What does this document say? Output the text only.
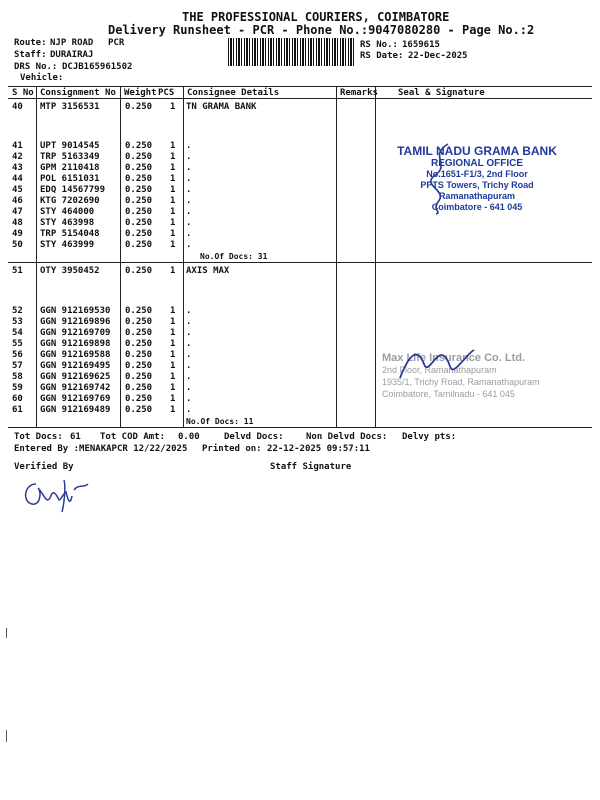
THE PROFESSIONAL COURIERS, COIMBATORE
Delivery Runsheet - PCR - Phone No.:9047080280 - Page No.:2
Route: NJP ROAD PCR
Staff: DURAIRAJ
DRS No.: DCJB165961502
Vehicle:
RS No.: 1659615
RS Date: 22-Dec-2025
S No Consignment No Weight PCS Consignee Details	Remarks Seal & Signature
40 MTP 3156531	0.250 1 TN GRAMA BANK
41 UPT 9014545	0.250 1 .
42 TRP 5163349	0.250 1 .
43 GPM 2110418	0.250 1 .
44 POL 6151031	0.250 1 .
45 EDQ 14567799 0.250 1 .
46 KTG 7202690	0.250 1 .
47 STY 464000	0.250 1 .
48 STY 463998	0.250 1 .
49 TRP 5154048	0.250 1 .
50 STY 463999	0.250 1 .
51 OTY 3950452	0.250 1 AXIS MAX
52 GGN 912169530 0.250 1 .
53 GGN 912169896 0.250 1 .
54 GGN 912169709 0.250 1 .
55 GGN 912169898 0.250 1 .
56 GGN 912169588 0.250 1 .
57 GGN 912169495 0.250 1 .
58 GGN 912169625 0.250 1 .
59 GGN 912169742 0.250 1 .
60 GGN 912169769 0.250 1 .
61 GGN 912169489 0.250 1 .
No.Of Docs: 31
No.Of Docs: 11
TAMIL NADU GRAMA BANK
REGIONAL OFFICE
No.1651-F1/3, 2nd Floor
PPTS Towers, Trichy Road
Ramanathapuram
Coimbatore - 641 045
Max Life Insurance Co. Ltd.
2nd Floor, Ramanathapuram
1935/1, Trichy Road, Ramanathapuram
Coimbatore, Tamilnadu - 641 045
Tot Docs: 61 Tot COD Amt: 0.00	Delvd Docs: Non Delvd Docs: Delvy pts:
Entered By :MENAKAPCR 12/22/2025 Printed on: 22-12-2025 09:57:11
Verified By	Staff Signature
